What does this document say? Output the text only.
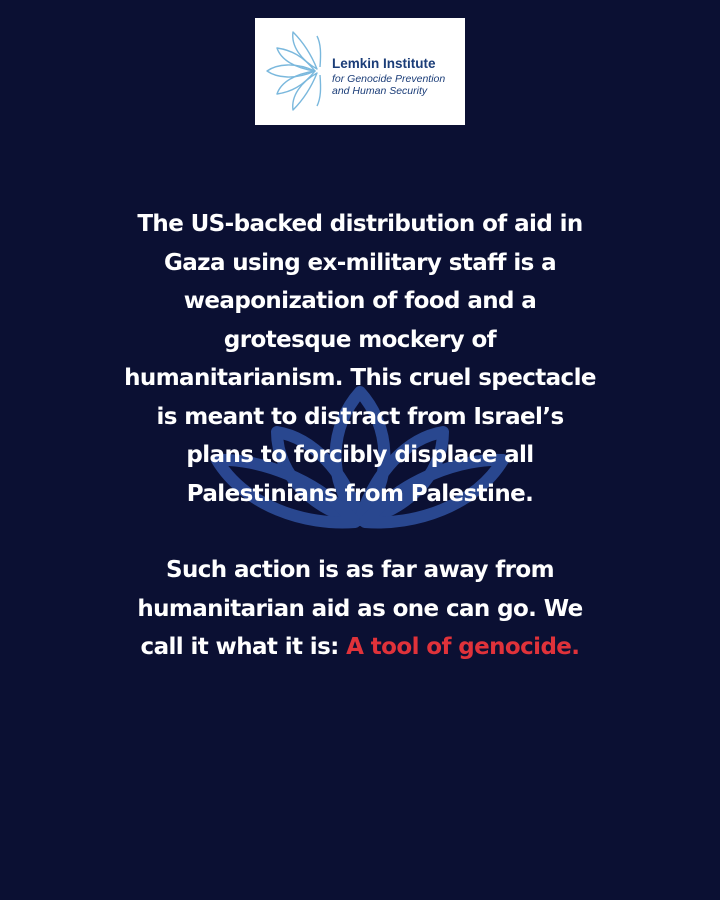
Lemkin Institute
for Genocide Prevention
and Human Security

The US-backed distribution of aid in
Gaza using ex-military staff is a
weaponization of food and a
grotesque mockery of
humanitarianism. This cruel spectacle
is meant to distract from Israel’s
plans to forcibly displace all
Palestinians from Palestine.

Such action is as far away from
humanitarian aid as one can go. We
call it what it is: A tool of genocide.
